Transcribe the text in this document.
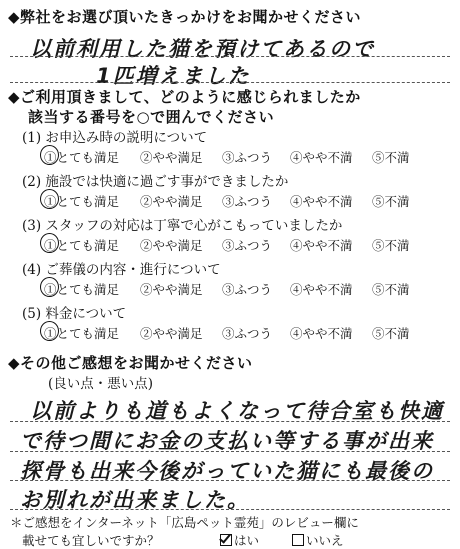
◆弊社をお選び頂いたきっかけをお聞かせください
以前利用した猫を預けてあるので
1匹増えました
◆ご利用頂きまして、どのように感じられましたか
該当する番号を○で囲んでください
(1) お申込み時の説明について
①とても満足 ②やや満足 ③ふつう ④やや不満 ⑤不満
(2) 施設では快適に過ごす事ができましたか
①とても満足 ②やや満足 ③ふつう ④やや不満 ⑤不満
(3) スタッフの対応は丁寧で心がこもっていましたか
①とても満足 ②やや満足 ③ふつう ④やや不満 ⑤不満
(4) ご葬儀の内容・進行について
①とても満足 ②やや満足 ③ふつう ④やや不満 ⑤不満
(5) 料金について
①とても満足 ②やや満足 ③ふつう ④やや不満 ⑤不満
◆その他ご感想をお聞かせください
(良い点・悪い点)
以前よりも道もよくなって待合室も快適
で待つ間にお金の支払い等する事が出来
探骨も出来今後がっていた猫にも最後の
お別れが出来ました。
＊ご感想をインターネット「広島ペット霊苑」のレビュー欄に
載せても宜しいですか？	はい	いいえ
